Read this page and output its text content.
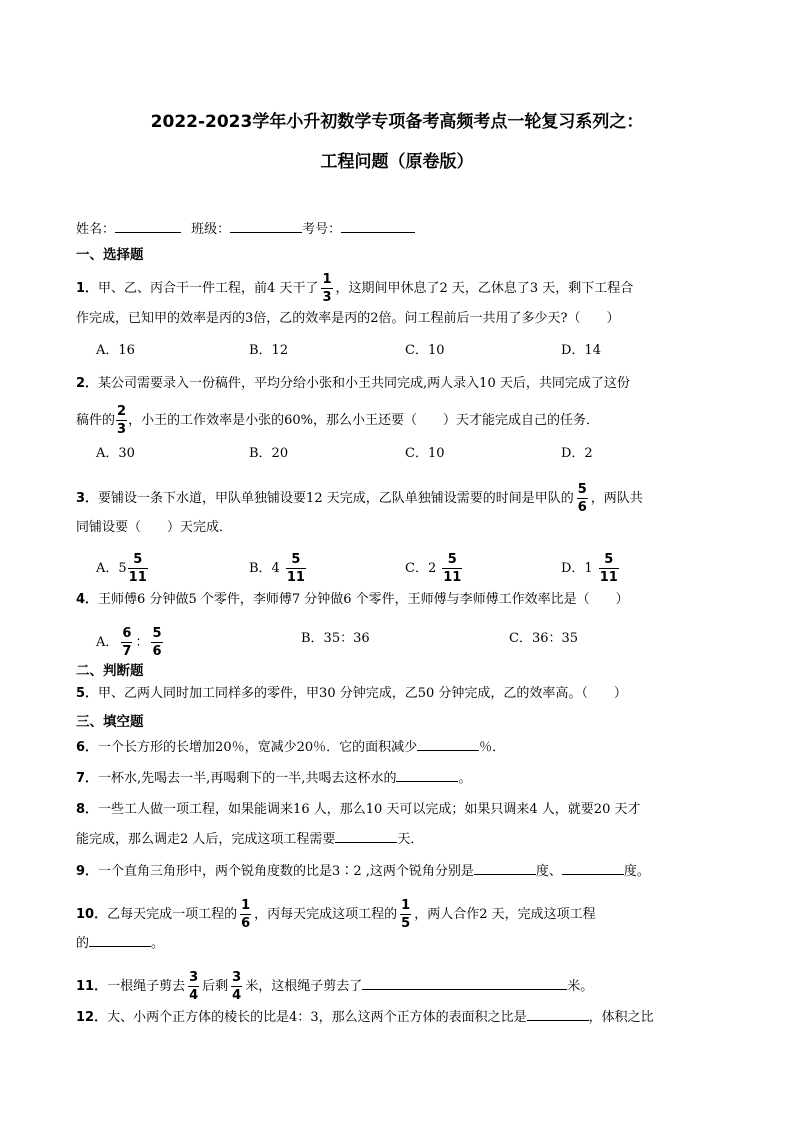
2022-2023学年小升初数学专项备考高频考点一轮复习系列之：
工程问题（原卷版）
姓名：	班级：	考号：
一、选择题
1．甲、乙、丙合干一件工程，前4 天干了 $\frac{1}{3}$ ，这期间甲休息了2 天，乙休息了3 天，剩下工程合
作完成，已知甲的效率是丙的3倍，乙的效率是丙的2倍。问工程前后一共用了多少天?（　　）
A．16	B．12	C．10	D．14
2．某公司需要录入一份稿件，平均分给小张和小王共同完成,两人录入10 天后，共同完成了这份
稿件的 $\frac{2}{3}$ ，小王的工作效率是小张的60%，那么小王还要（　　）天才能完成自己的任务．
A．30	B．20	C．10	D．2
3．要铺设一条下水道，甲队单独铺设要12 天完成，乙队单独铺设需要的时间是甲队的 $\frac{5}{6}$ ，两队共
同铺设要（　　）天完成．
A．$5 \frac{5}{11}$	B．$4 \frac{5}{11}$	C．$2 \frac{5}{11}$	D．$1 \frac{5}{11}$
4．王师傅6 分钟做5 个零件，李师傅7 分钟做6 个零件，王师傅与李师傅工作效率比是（　　）
A． $\frac{6}{7}$ ： $\frac{5}{6}$	B．35：36	C．36：35
二、判断题
5．甲、乙两人同时加工同样多的零件，甲30 分钟完成，乙50 分钟完成，乙的效率高。（　　）
三、填空题
6．一个长方形的长增加20％，宽减少20％．它的面积减少	％．
7．一杯水,先喝去一半,再喝剩下的一半,共喝去这杯水的	。
8．一些工人做一项工程，如果能调来16 人，那么10 天可以完成；如果只调来4 人，就要20 天才
能完成，那么调走2 人后，完成这项工程需要	天．
9．一个直角三角形中，两个锐角度数的比是3∶2 ,这两个锐角分别是	度、	度。
10．乙每天完成一项工程的 $\frac{1}{6}$ ，丙每天完成这项工程的 $\frac{1}{5}$ ，两人合作2 天，完成这项工程
的	。
11．一根绳子剪去 $\frac{3}{4}$ 后剩 $\frac{3}{4}$ 米，这根绳子剪去了	米。
12．大、小两个正方体的棱长的比是4：3，那么这两个正方体的表面积之比是	，体积之比
